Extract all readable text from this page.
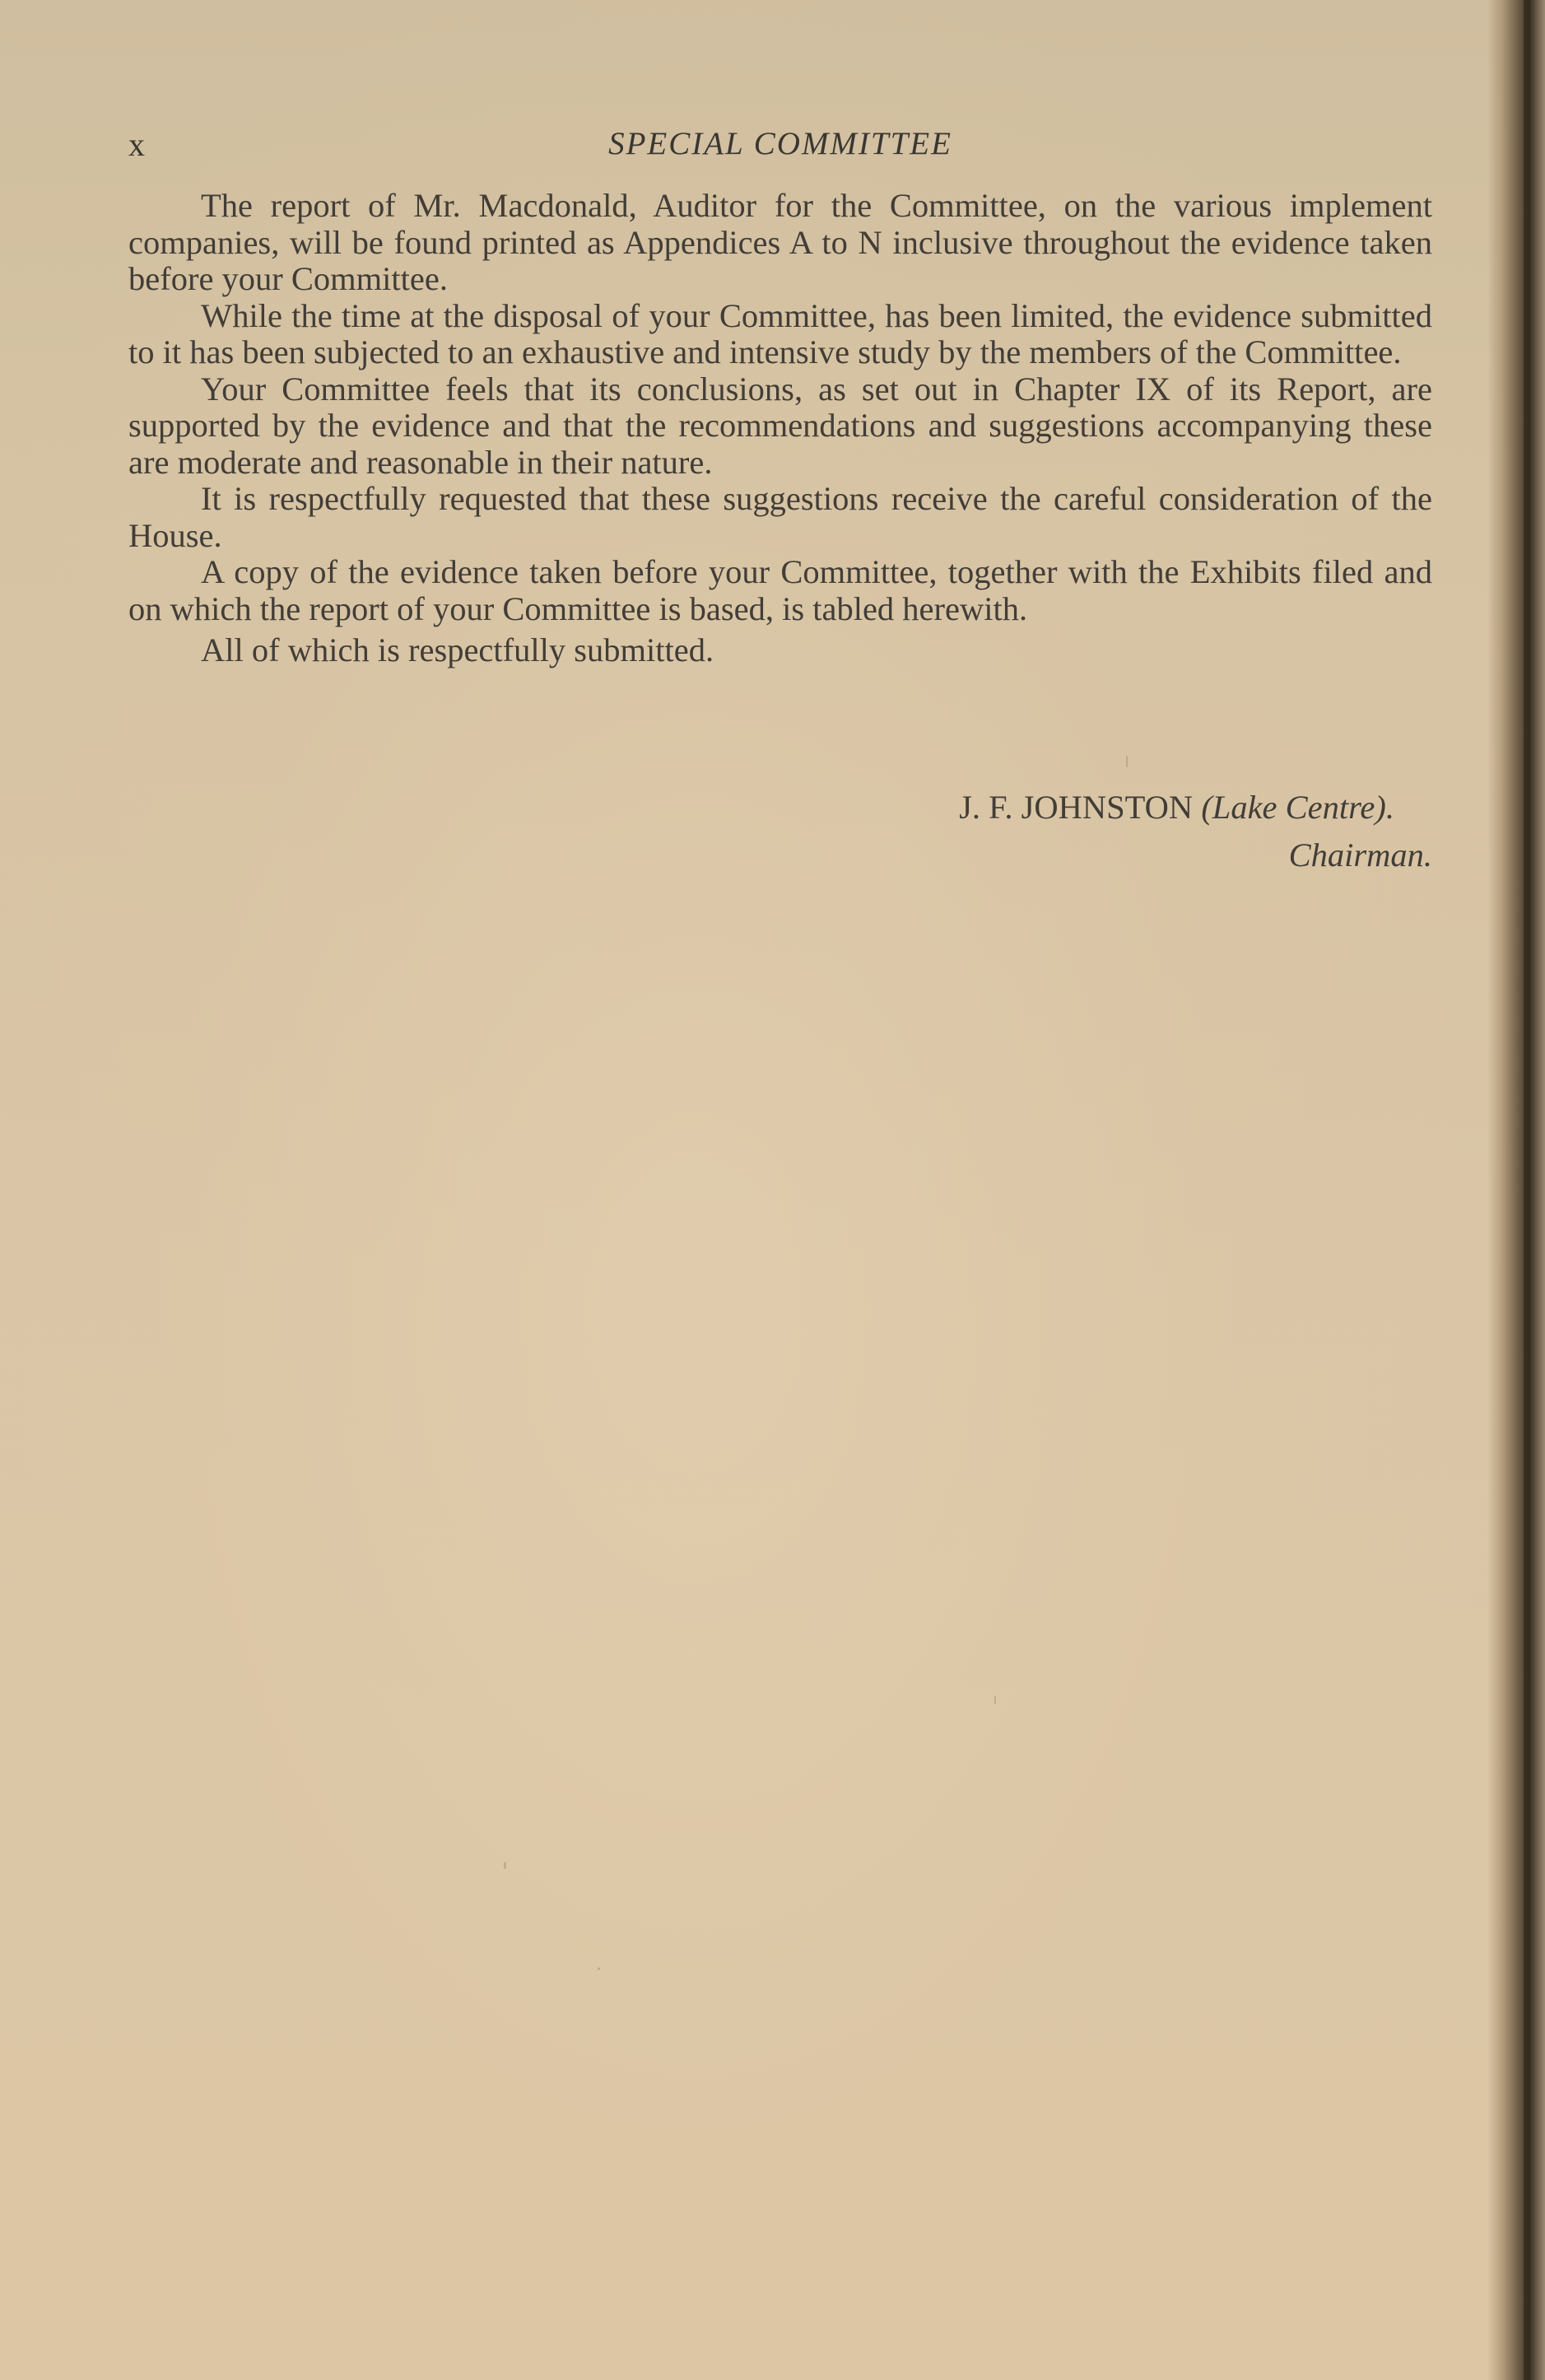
x	SPECIAL COMMITTEE

The report of Mr. Macdonald, Auditor for the Committee, on the various implement companies, will be found printed as Appendices A to N inclusive throughout the evidence taken before your Committee.

While the time at the disposal of your Committee, has been limited, the evidence submitted to it has been subjected to an exhaustive and intensive study by the members of the Committee.

Your Committee feels that its conclusions, as set out in Chapter IX of its Report, are supported by the evidence and that the recommendations and suggestions accompanying these are moderate and reasonable in their nature.

It is respectfully requested that these suggestions receive the careful consideration of the House.

A copy of the evidence taken before your Committee, together with the Exhibits filed and on which the report of your Committee is based, is tabled herewith.

All of which is respectfully submitted.

J. F. JOHNSTON (Lake Centre).
Chairman.
